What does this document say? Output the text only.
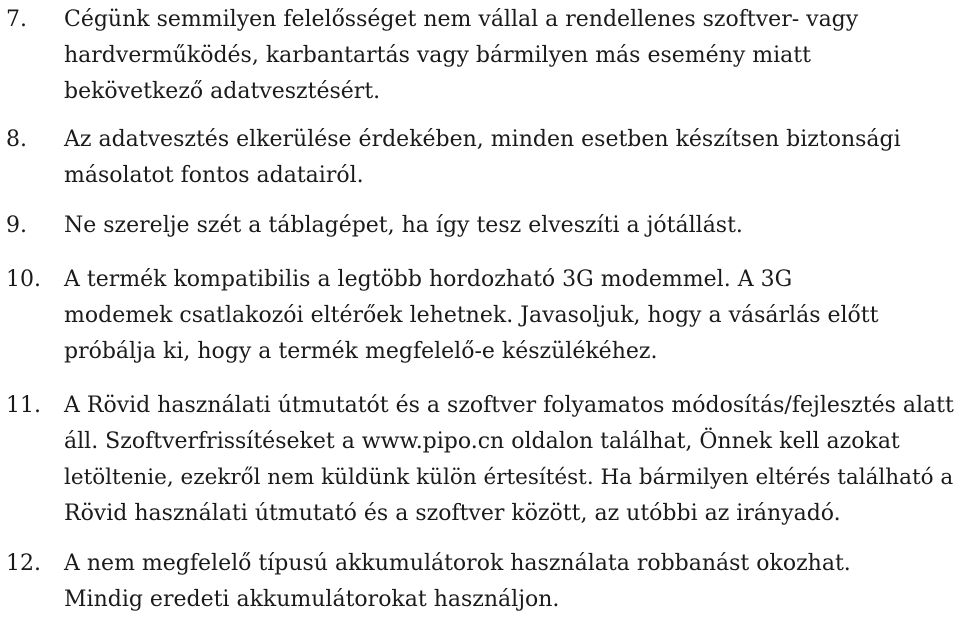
7. Cégünk semmilyen felelősséget nem vállal a rendellenes szoftver- vagy
hardverműködés, karbantartás vagy bármilyen más esemény miatt
bekövetkező adatvesztésért.
8. Az adatvesztés elkerülése érdekében, minden esetben készítsen biztonsági
másolatot fontos adatairól.
9. Ne szerelje szét a táblagépet, ha így tesz elveszíti a jótállást.
10. A termék kompatibilis a legtöbb hordozható 3G modemmel. A 3G
modemek csatlakozói eltérőek lehetnek. Javasoljuk, hogy a vásárlás előtt
próbálja ki, hogy a termék megfelelő-e készülékéhez.
11. A Rövid használati útmutatót és a szoftver folyamatos módosítás/fejlesztés alatt
áll. Szoftverfrissítéseket a www.pipo.cn oldalon találhat, Önnek kell azokat
letöltenie, ezekről nem küldünk külön értesítést. Ha bármilyen eltérés található a
Rövid használati útmutató és a szoftver között, az utóbbi az irányadó.
12. A nem megfelelő típusú akkumulátorok használata robbanást okozhat.
Mindig eredeti akkumulátorokat használjon.
